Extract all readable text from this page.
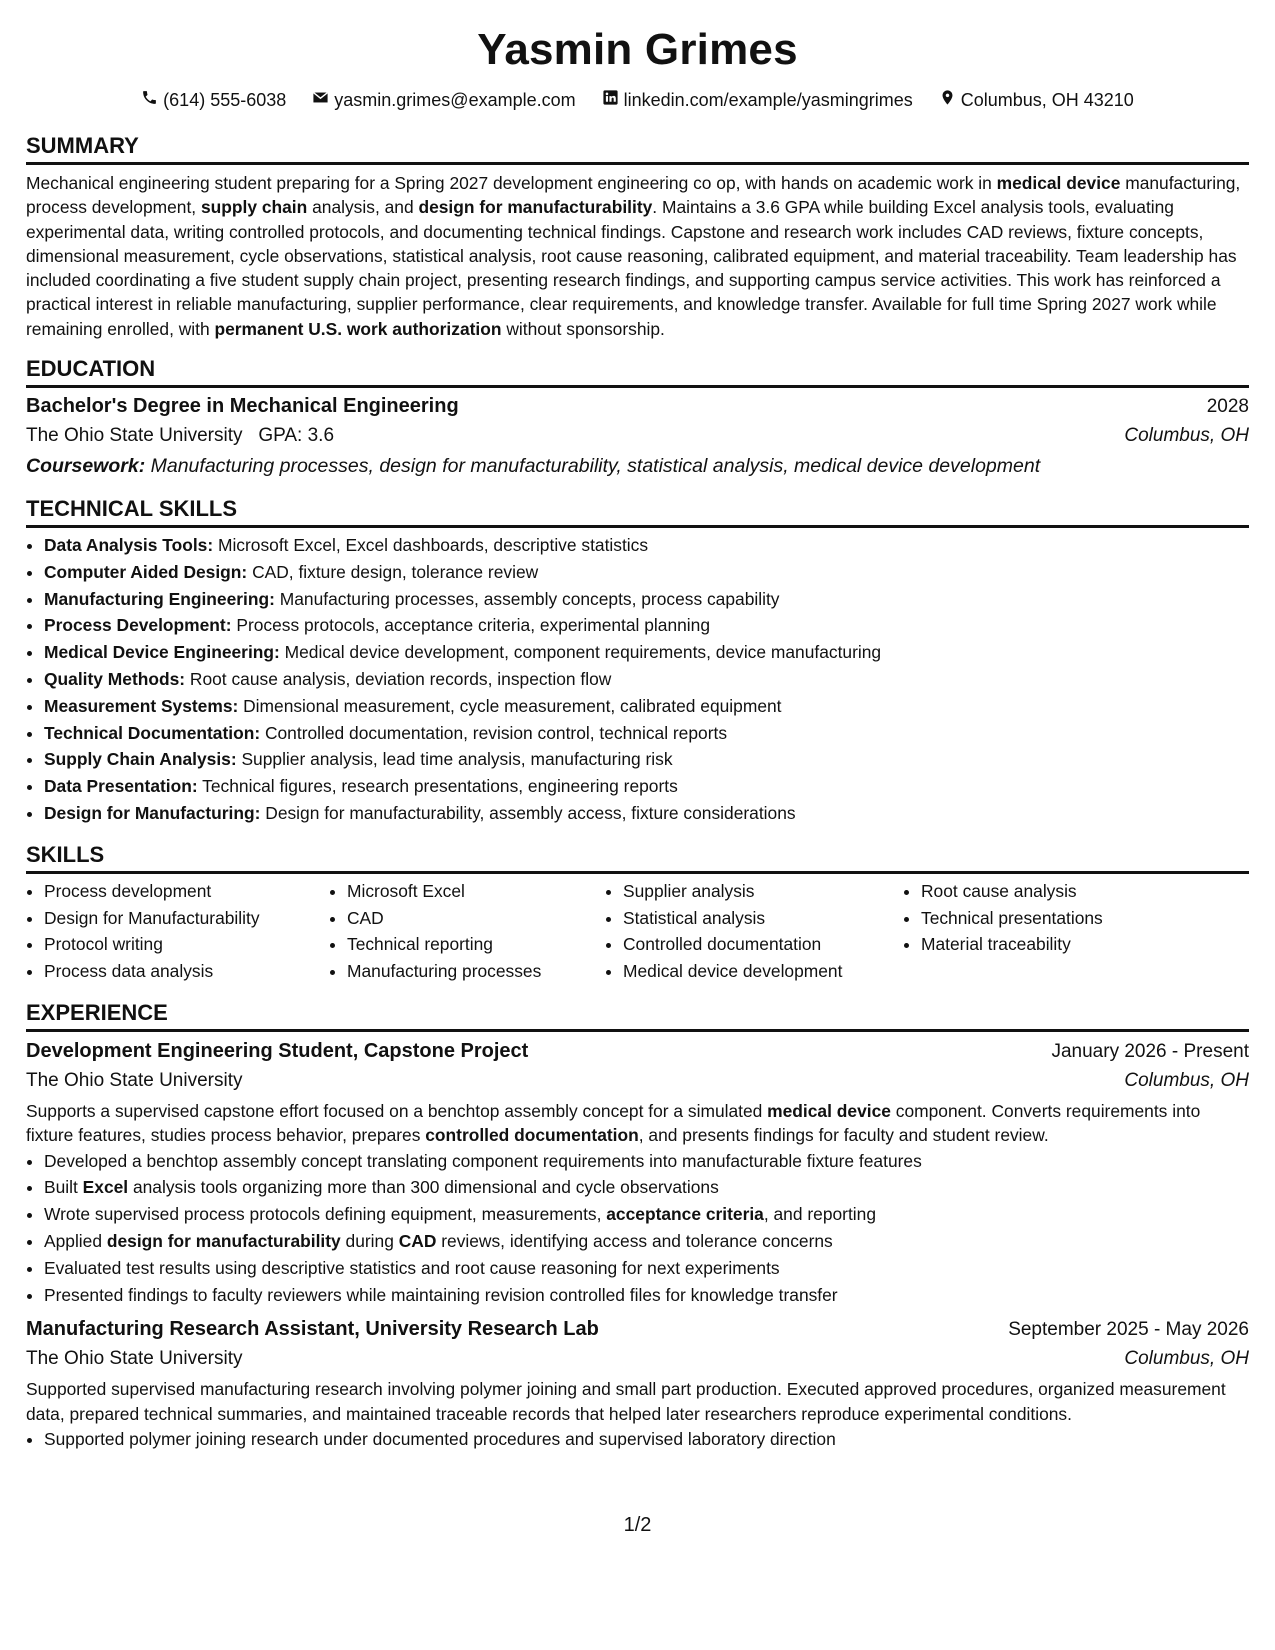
Yasmin Grimes
(614) 555-6038	yasmin.grimes@example.com	linkedin.com/example/yasmingrimes	Columbus, OH 43210
SUMMARY

Mechanical engineering student preparing for a Spring 2027 development engineering co op, with hands on academic work in medical device manufacturing, process development, supply chain analysis, and design for manufacturability. Maintains a 3.6 GPA while building Excel analysis tools, evaluating experimental data, writing controlled protocols, and documenting technical findings. Capstone and research work includes CAD reviews, fixture concepts, dimensional measurement, cycle observations, statistical analysis, root cause reasoning, calibrated equipment, and material traceability. Team leadership has included coordinating a five student supply chain project, presenting research findings, and supporting campus service activities. This work has reinforced a practical interest in reliable manufacturing, supplier performance, clear requirements, and knowledge transfer. Available for full time Spring 2027 work while remaining enrolled, with permanent U.S. work authorization without sponsorship.

EDUCATION
Bachelor's Degree in Mechanical Engineering	2028
The Ohio State University GPA: 3.6	Columbus, OH
Coursework: Manufacturing processes, design for manufacturability, statistical analysis, medical device development
TECHNICAL SKILLS
• Data Analysis Tools: Microsoft Excel, Excel dashboards, descriptive statistics
• Computer Aided Design: CAD, fixture design, tolerance review
• Manufacturing Engineering: Manufacturing processes, assembly concepts, process capability
• Process Development: Process protocols, acceptance criteria, experimental planning
• Medical Device Engineering: Medical device development, component requirements, device manufacturing
• Quality Methods: Root cause analysis, deviation records, inspection flow
• Measurement Systems: Dimensional measurement, cycle measurement, calibrated equipment
• Technical Documentation: Controlled documentation, revision control, technical reports
• Supply Chain Analysis: Supplier analysis, lead time analysis, manufacturing risk
• Data Presentation: Technical figures, research presentations, engineering reports
• Design for Manufacturing: Design for manufacturability, assembly access, fixture considerations
SKILLS
• Process development
• Design for Manufacturability
• Protocol writing
• Process data analysis
• Microsoft Excel
• CAD
• Technical reporting
• Manufacturing processes
• Supplier analysis
• Statistical analysis
• Controlled documentation
• Medical device development
• Root cause analysis
• Technical presentations
• Material traceability
EXPERIENCE
Development Engineering Student, Capstone Project	January 2026 - Present
The Ohio State University	Columbus, OH

Supports a supervised capstone effort focused on a benchtop assembly concept for a simulated medical device component. Converts requirements into fixture features, studies process behavior, prepares controlled documentation, and presents findings for faculty and student review.

• Developed a benchtop assembly concept translating component requirements into manufacturable fixture features
• Built Excel analysis tools organizing more than 300 dimensional and cycle observations
• Wrote supervised process protocols defining equipment, measurements, acceptance criteria, and reporting
• Applied design for manufacturability during CAD reviews, identifying access and tolerance concerns
• Evaluated test results using descriptive statistics and root cause reasoning for next experiments
• Presented findings to faculty reviewers while maintaining revision controlled files for knowledge transfer
Manufacturing Research Assistant, University Research Lab	September 2025 - May 2026
The Ohio State University	Columbus, OH

Supported supervised manufacturing research involving polymer joining and small part production. Executed approved procedures, organized measurement data, prepared technical summaries, and maintained traceable records that helped later researchers reproduce experimental conditions.

• Supported polymer joining research under documented procedures and supervised laboratory direction
1/2
